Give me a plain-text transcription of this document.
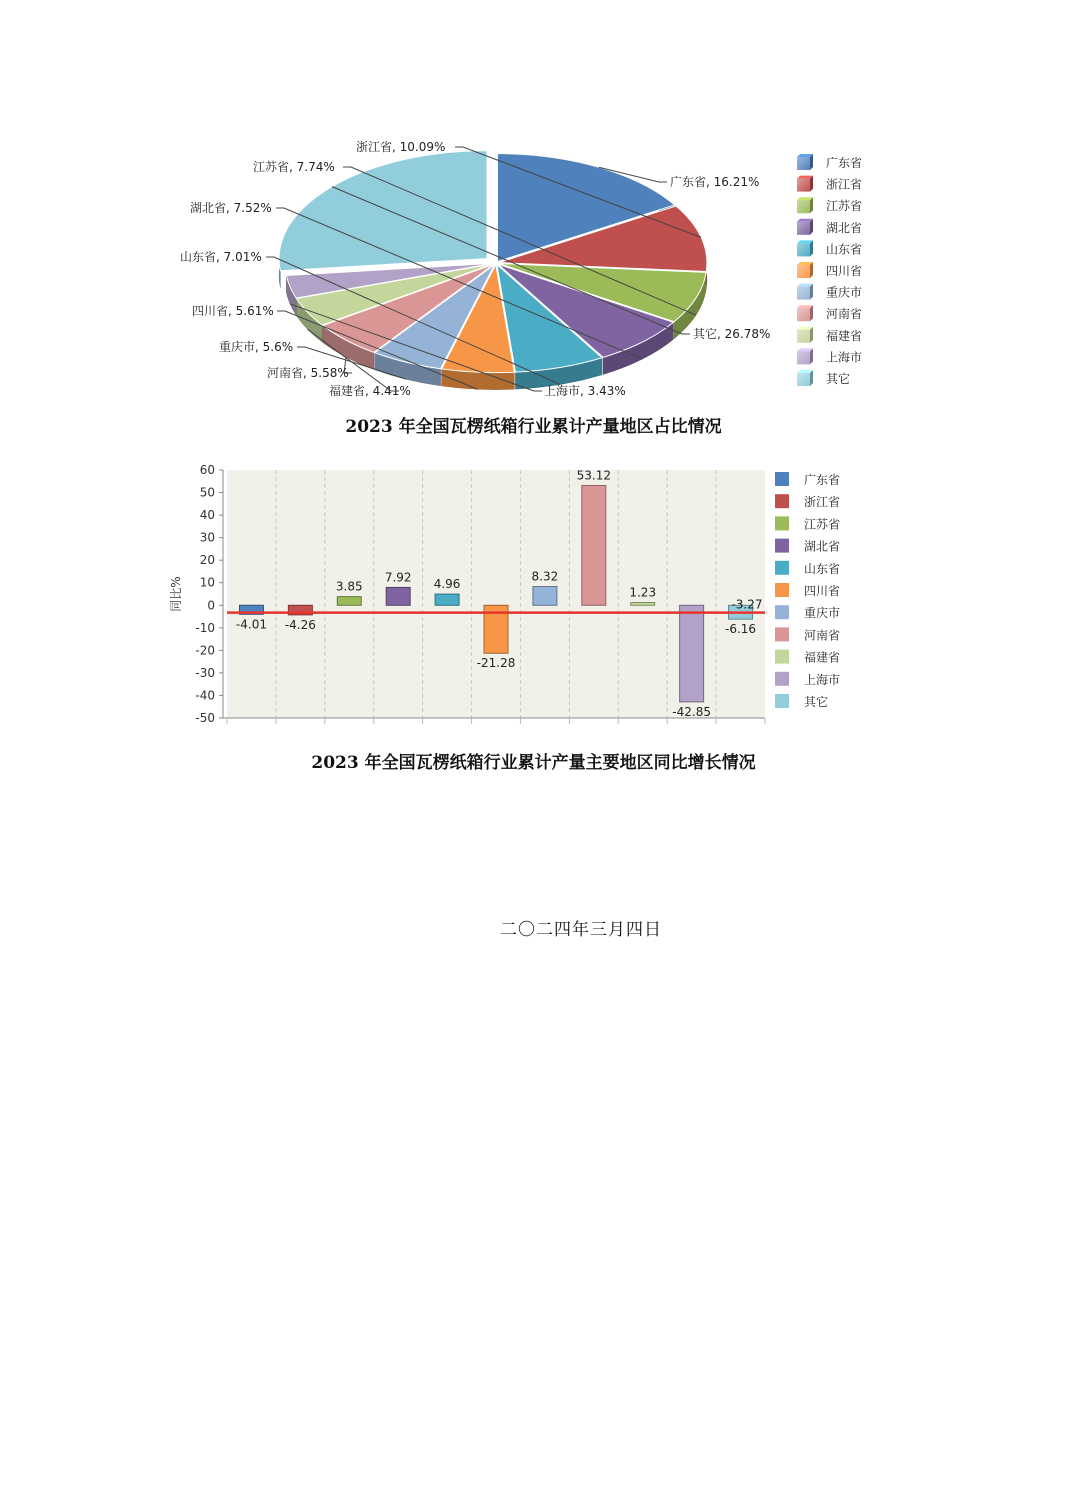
广东省, 16.21%
浙江省, 10.09%
江苏省, 7.74%
湖北省, 7.52%
山东省, 7.01%
四川省, 5.61%
重庆市, 5.6%
河南省, 5.58%
福建省, 4.41%	上海市, 3.43%
其它, 26.78%
广东省
浙江省
江苏省
湖北省
山东省
四川省
重庆市
河南省
福建省
上海市
其它
2023 年全国瓦楞纸箱行业累计产量地区占比情况
60
50
40
30
20
10
0
-10
-20
-30
-40
-50
同比%
-4.01 -4.26
3.85
7.92 4.96
-21.28
8.32
53.12
1.23
-42.85
-6.16
-3.27
广东省
浙江省
江苏省
湖北省
山东省
四川省
重庆市
河南省
福建省
上海市
其它
2023 年全国瓦楞纸箱行业累计产量主要地区同比增长情况
二〇二四年三月四日
